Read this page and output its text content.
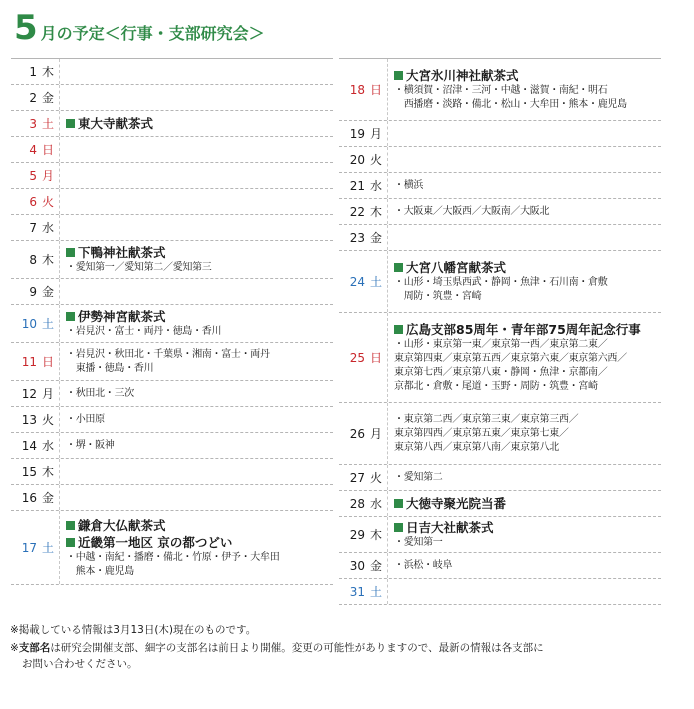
5 月の予定＜行事・支部研究会＞
1 木
2 金
3 土	東大寺献茶式
4 日
5 月
6 火
7 水
8 木	下鴨神社献茶式
・愛知第一／愛知第二／愛知第三
9 金
10 土	伊勢神宮献茶式
・岩見沢・富士・両丹・徳島・香川
11 日
・岩見沢・秋田北・千葉県・湘南・富士・両丹
　東播・徳島・香川
12 月	・秋田北・三次
13 火	・小田原
14 水	・堺・阪神
15 木
16 金
17 土
鎌倉大仏献茶式
近畿第一地区 京の都つどい
・中越・南紀・播磨・備北・竹原・伊予・大牟田
　熊本・鹿児島
18 日
大宮氷川神社献茶式
・横須賀・沼津・三河・中越・滋賀・南紀・明石
　西播磨・淡路・備北・松山・大牟田・熊本・鹿児島
19 月
20 火
21 水	・横浜
22 木	・大阪東／大阪西／大阪南／大阪北
23 金
24 土
大宮八幡宮献茶式
・山形・埼玉県西武・静岡・魚津・石川南・倉敷
　周防・筑豊・宮崎
25 日
広島支部85周年・青年部75周年記念行事
・山形・東京第一東／東京第一西／東京第二東／
東京第四東／東京第五西／東京第六東／東京第六西／
東京第七西／東京第八東・静岡・魚津・京都南／
京都北・倉敷・尾道・玉野・周防・筑豊・宮崎
26 月
・東京第二西／東京第三東／東京第三西／
東京第四西／東京第五東／東京第七東／
東京第八西／東京第八南／東京第八北
27 火	・愛知第二
28 水	大徳寺聚光院当番
29 木	日吉大社献茶式
・愛知第一
30 金	・浜松・岐阜
31 土
※掲載している情報は3月13日(木)現在のものです。
※支部名は研究会開催支部、細字の支部名は前日より開催。変更の可能性がありますので、最新の情報は各支部に
お問い合わせください。
